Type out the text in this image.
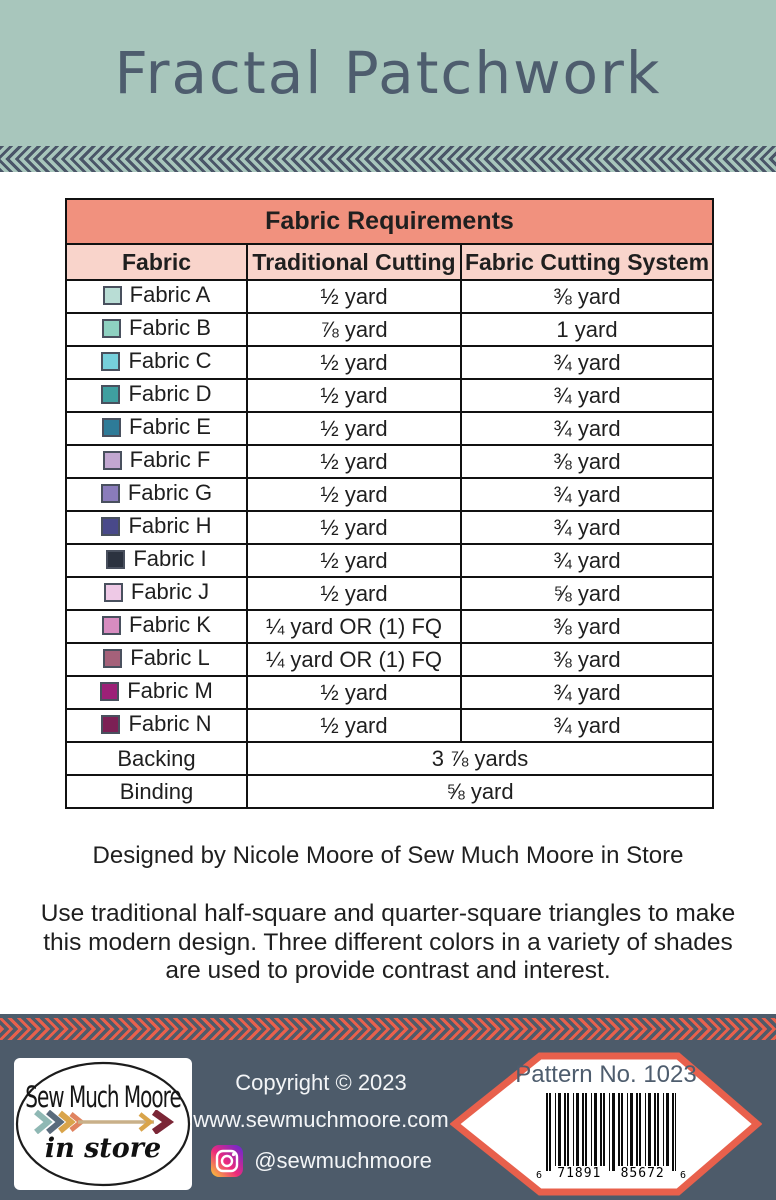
Fractal Patchwork
Fabric Requirements		
Fabric	Traditional Cutting	Fabric Cutting System

Fabric A	½ yard	⅜ yard

Fabric B	⅞ yard	1 yard

Fabric C	½ yard	¾ yard

Fabric D	½ yard	¾ yard

Fabric E	½ yard	¾ yard

Fabric F	½ yard	⅜ yard

Fabric G	½ yard	¾ yard

Fabric H	½ yard	¾ yard

Fabric I	½ yard	¾ yard

Fabric J	½ yard	⅝ yard

Fabric K	¼ yard OR (1) FQ	⅜ yard

Fabric L	¼ yard OR (1) FQ	⅜ yard

Fabric M	½ yard	¾ yard

Fabric N	½ yard	¾ yard
Backing	3 ⅞ yards	
Binding	⅝ yard	
Designed by Nicole Moore of Sew Much Moore in Store
Use traditional half-square and quarter-square triangles to make this modern design. Three different colors in a variety of shades are used to provide contrast and interest.
Sew Much Moore
in store
Copyright © 2023
www.sewmuchmoore.com
@sewmuchmoore
Pattern No. 1023
6	71891	85672	6
